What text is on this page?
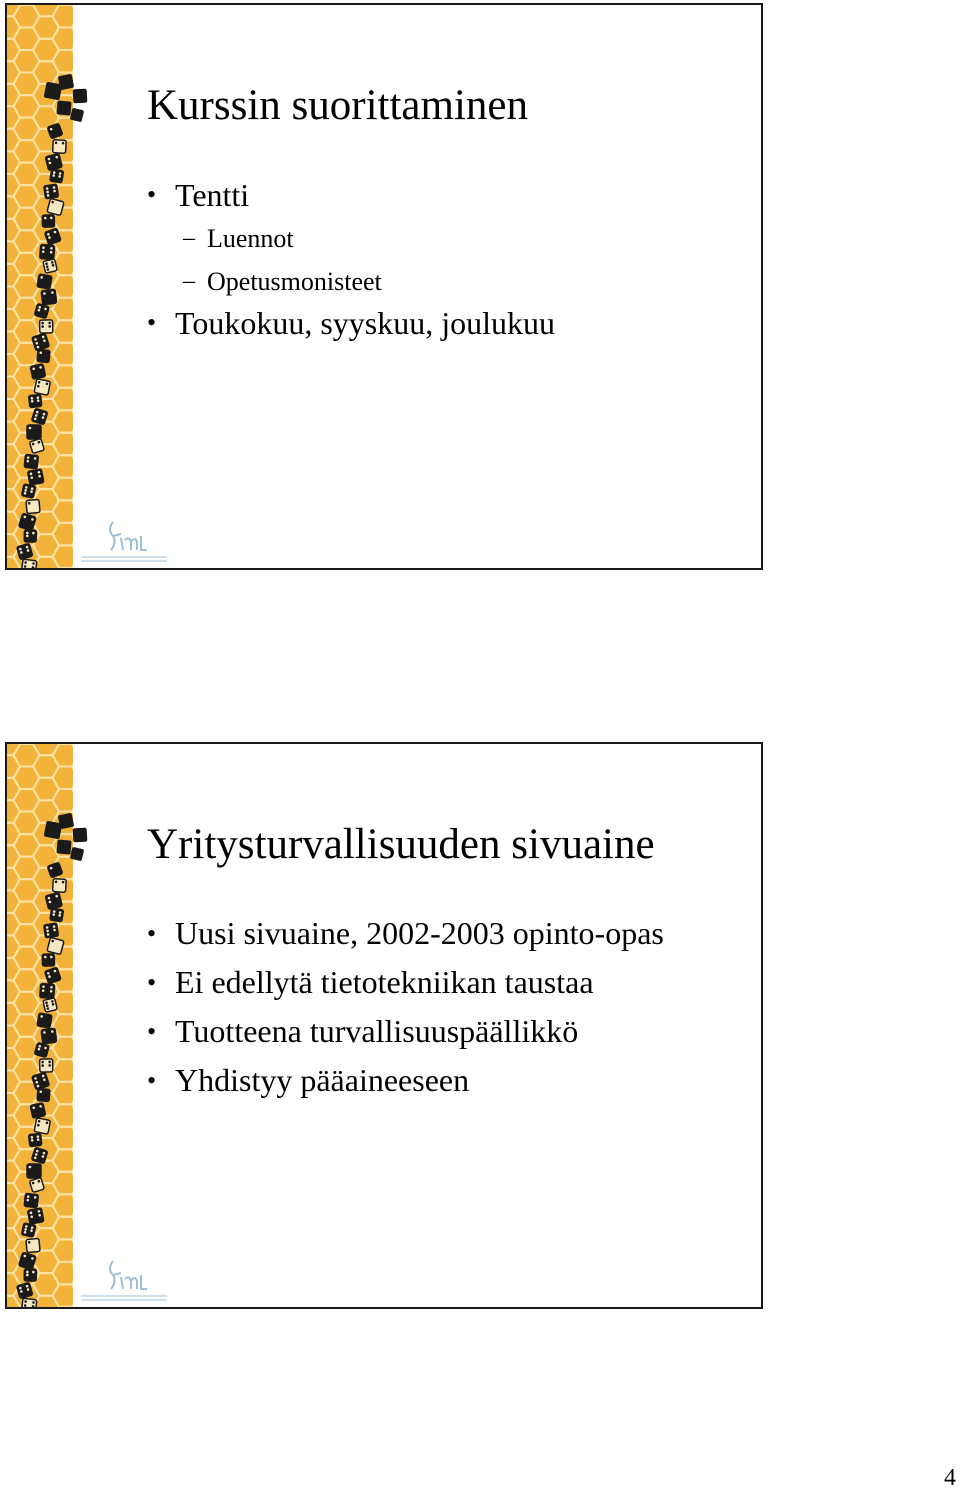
Kurssin suorittaminen
• Tentti
– Luennot
– Opetusmonisteet
• Toukokuu, syyskuu, joulukuu
Yritysturvallisuuden sivuaine
• Uusi sivuaine, 2002-2003 opinto-opas
• Ei edellytä tietotekniikan taustaa
• Tuotteena turvallisuuspäällikkö
• Yhdistyy pääaineeseen
4
